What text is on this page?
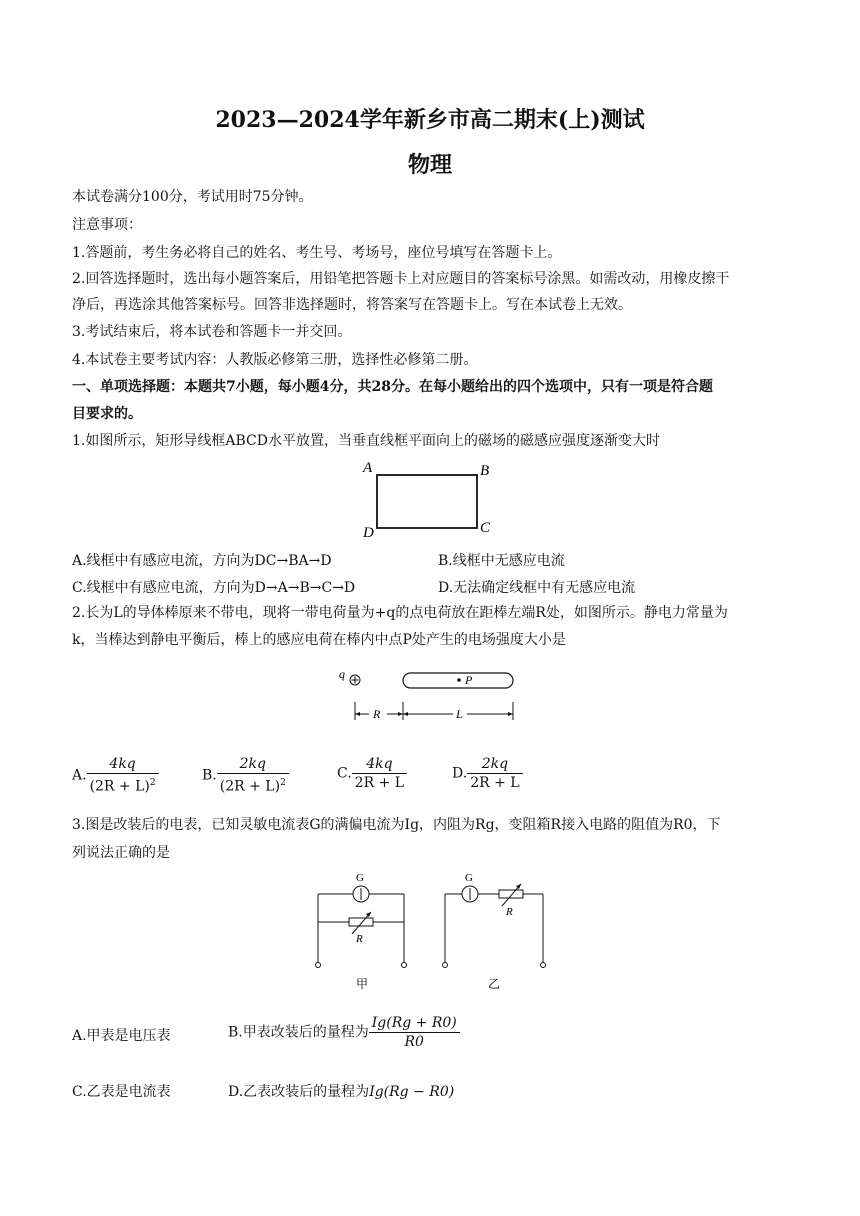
2023—2024学年新乡市高二期末(上)测试
物理
本试卷满分100分，考试用时75分钟。
注意事项：
1.答题前，考生务必将自己的姓名、考生号、考场号，座位号填写在答题卡上。
2.回答选择题时，选出每小题答案后，用铅笔把答题卡上对应题目的答案标号涂黑。如需改动，用橡皮擦干
净后，再选涂其他答案标号。回答非选择题时，将答案写在答题卡上。写在本试卷上无效。
3.考试结束后，将本试卷和答题卡一并交回。
4.本试卷主要考试内容：人教版必修第三册，选择性必修第二册。
一、单项选择题：本题共7小题，每小题4分，共28分。在每小题给出的四个选项中，只有一项是符合题
目要求的。
1.如图所示，矩形导线框ABCD水平放置，当垂直线框平面向上的磁场的磁感应强度逐渐变大时
A	B
C
D
A.线框中有感应电流，方向为DC→BA→D	B.线框中无感应电流
C.线框中有感应电流，方向为D→A→B→C→D	D.无法确定线框中有无感应电流
2.长为L的导体棒原来不带电，现将一带电荷量为+q的点电荷放在距棒左端R处，如图所示。静电力常量为
k，当棒达到静电平衡后，棒上的感应电荷在棒内中点P处产生的电场强度大小是
q	P
R	L
A. $\frac{4kq}{(2R + L)^2}$	B. $\frac{2kq}{(2R + L)^2}$	C. $\frac{4kq}{2R + L}$	D. $\frac{2kq}{2R + L}$
3.图是改装后的电表，已知灵敏电流表G的满偏电流为Ig，内阻为Rg，变阻箱R接入电路的阻值为R0，下
列说法正确的是
G
R
甲
G
R
乙
A.甲表是电压表	B.甲表改装后的量程为 $\frac{Ig(Rg + R0)}{R0}$
C.乙表是电流表	D.乙表改装后的量程为Ig(Rg − R0)
